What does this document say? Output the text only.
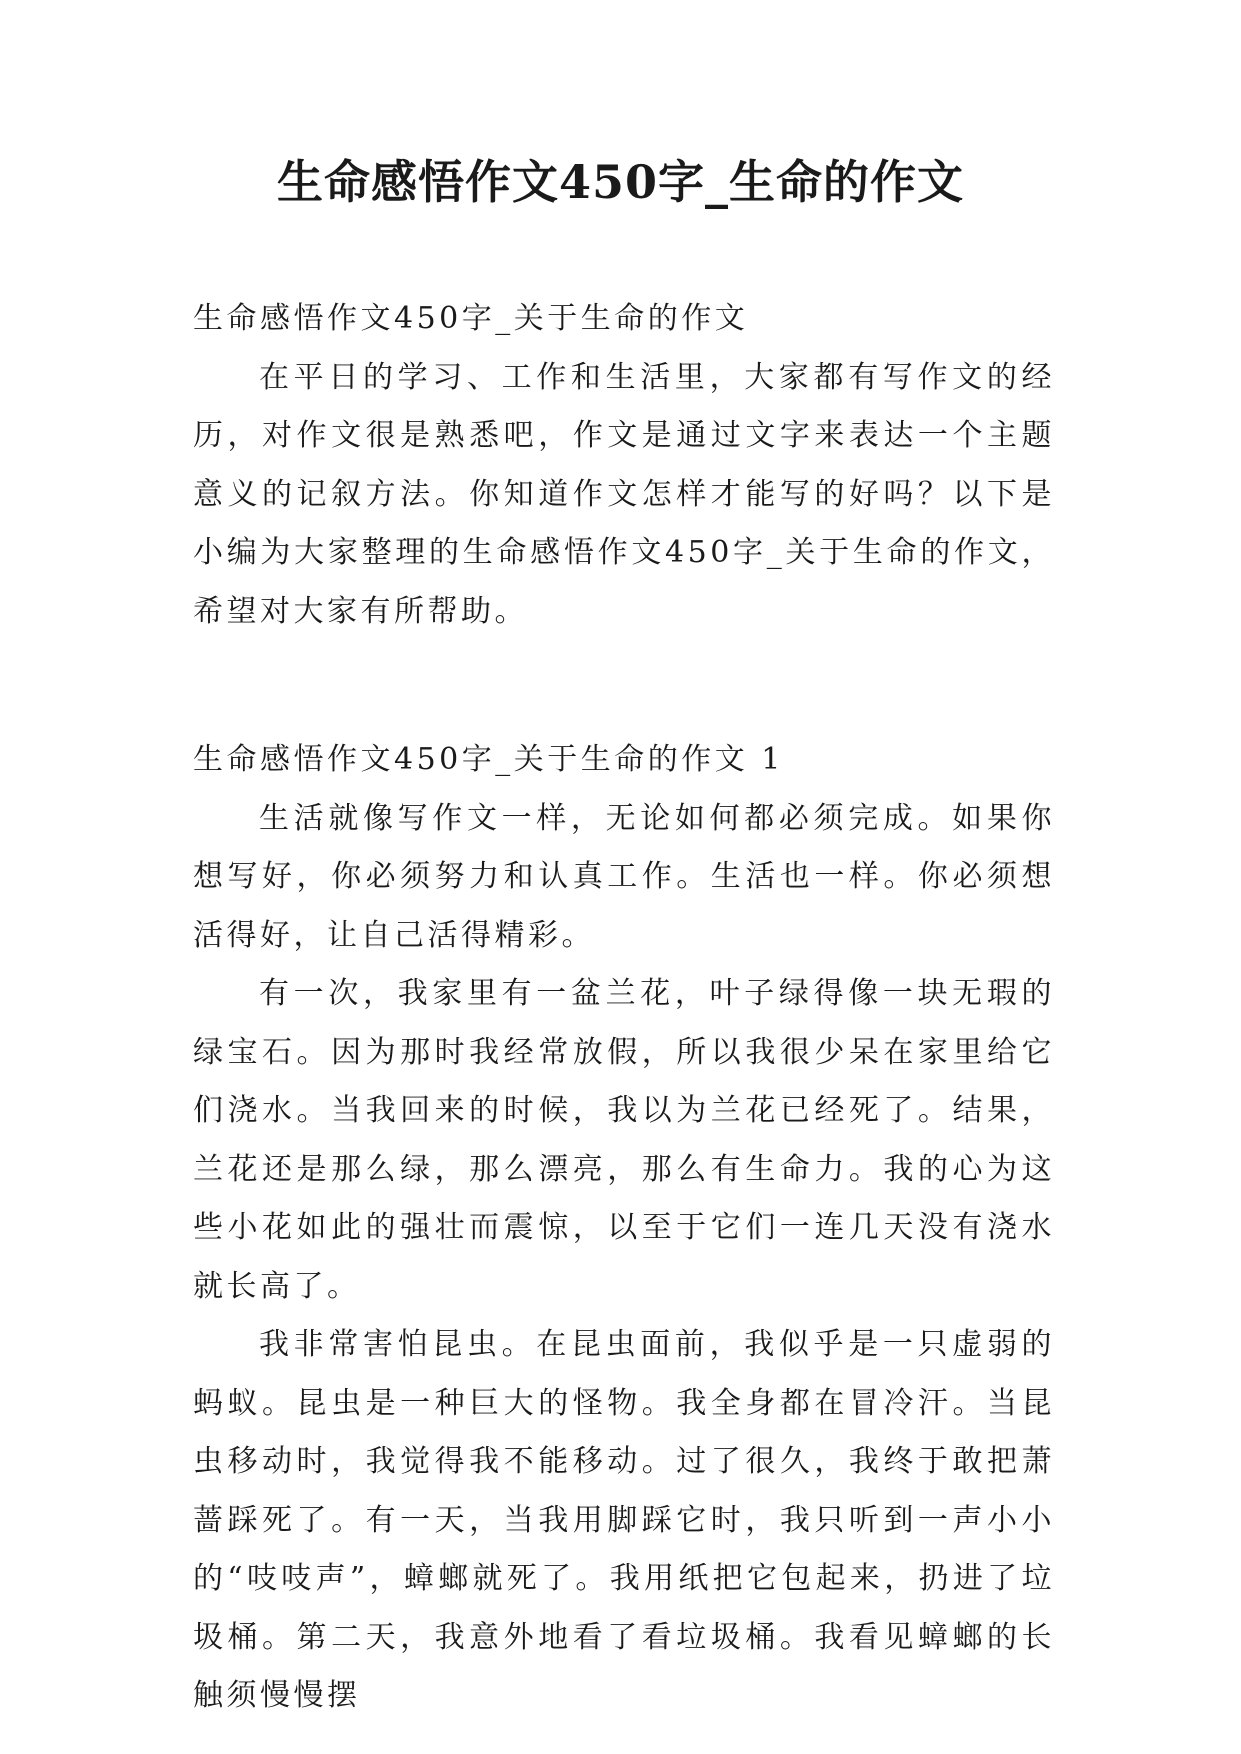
生命感悟作文450字_生命的作文

生命感悟作文450字_关于生命的作文

在平日的学习、工作和生活里，大家都有写作文的经历，对作文很是熟悉吧，作文是通过文字来表达一个主题意义的记叙方法。你知道作文怎样才能写的好吗？以下是小编为大家整理的生命感悟作文450字_关于生命的作文，希望对大家有所帮助。

生命感悟作文450字_关于生命的作文 1

生活就像写作文一样，无论如何都必须完成。如果你想写好，你必须努力和认真工作。生活也一样。你必须想活得好，让自己活得精彩。

有一次，我家里有一盆兰花，叶子绿得像一块无瑕的绿宝石。因为那时我经常放假，所以我很少呆在家里给它们浇水。当我回来的时候，我以为兰花已经死了。结果，兰花还是那么绿，那么漂亮，那么有生命力。我的心为这些小花如此的强壮而震惊，以至于它们一连几天没有浇水就长高了。

我非常害怕昆虫。在昆虫面前，我似乎是一只虚弱的蚂蚁。昆虫是一种巨大的怪物。我全身都在冒冷汗。当昆虫移动时，我觉得我不能移动。过了很久，我终于敢把萧蔷踩死了。有一天，当我用脚踩它时，我只听到一声小小的“吱吱声”，蟑螂就死了。我用纸把它包起来，扔进了垃圾桶。第二天，我意外地看了看垃圾桶。我看见蟑螂的长触须慢慢摆
